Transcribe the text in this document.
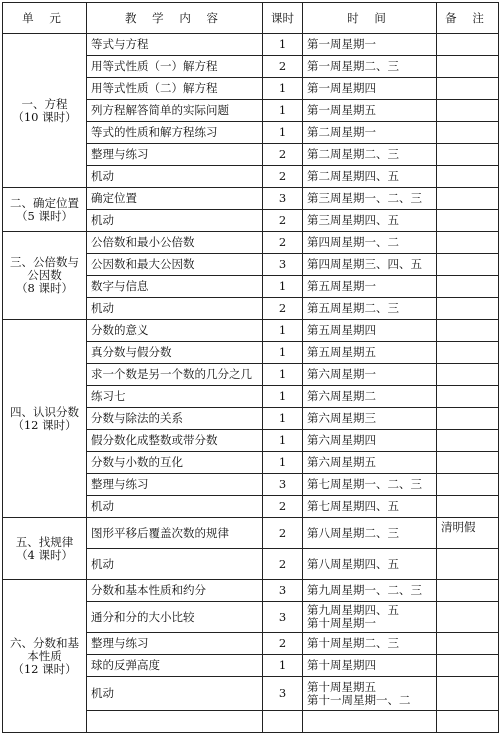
单 元	教 学 内 容	课时	时 间	备 注

一、方程
（10 课时）	等式与方程	1	第一周星期一	

	用等式性质（一）解方程	2	第一周星期二、三	

	用等式性质（二）解方程	1	第一周星期四	

	列方程解答简单的实际问题	1	第一周星期五	

	等式的性质和解方程练习	1	第二周星期一	

	整理与练习	2	第二周星期二、三	

	机动	2	第二周星期四、五	

二、确定位置
（5 课时）	确定位置	3	第三周星期一、二、三	

	机动	2	第三周星期四、五	

三、公倍数与
公因数
（8 课时）	公倍数和最小公倍数	2	第四周星期一、二	

	公因数和最大公因数	3	第四周星期三、四、五	

	数字与信息	1	第五周星期一	

	机动	2	第五周星期二、三	

四、认识分数
（12 课时）	分数的意义	1	第五周星期四	

	真分数与假分数	1	第五周星期五	

	求一个数是另一个数的几分之几	1	第六周星期一	

	练习七	1	第六周星期二	

	分数与除法的关系	1	第六周星期三	

	假分数化成整数或带分数	1	第六周星期四	

	分数与小数的互化	1	第六周星期五	

	整理与练习	3	第七周星期一、二、三	

	机动	2	第七周星期四、五	

五、找规律
（4 课时）	图形平移后覆盖次数的规律	2	第八周星期二、三	清明假
	机动	2	第八周星期四、五	

六、分数和基
本性质
（12 课时）	分数和基本性质和约分	3	第九周星期一、二、三	

	通分和分的大小比较	3	第九周星期四、五
第十周星期一	

	整理与练习	2	第十周星期二、三	

	球的反弹高度	1	第十周星期四	

	机动	3	第十周星期五
第十一周星期一、二	
